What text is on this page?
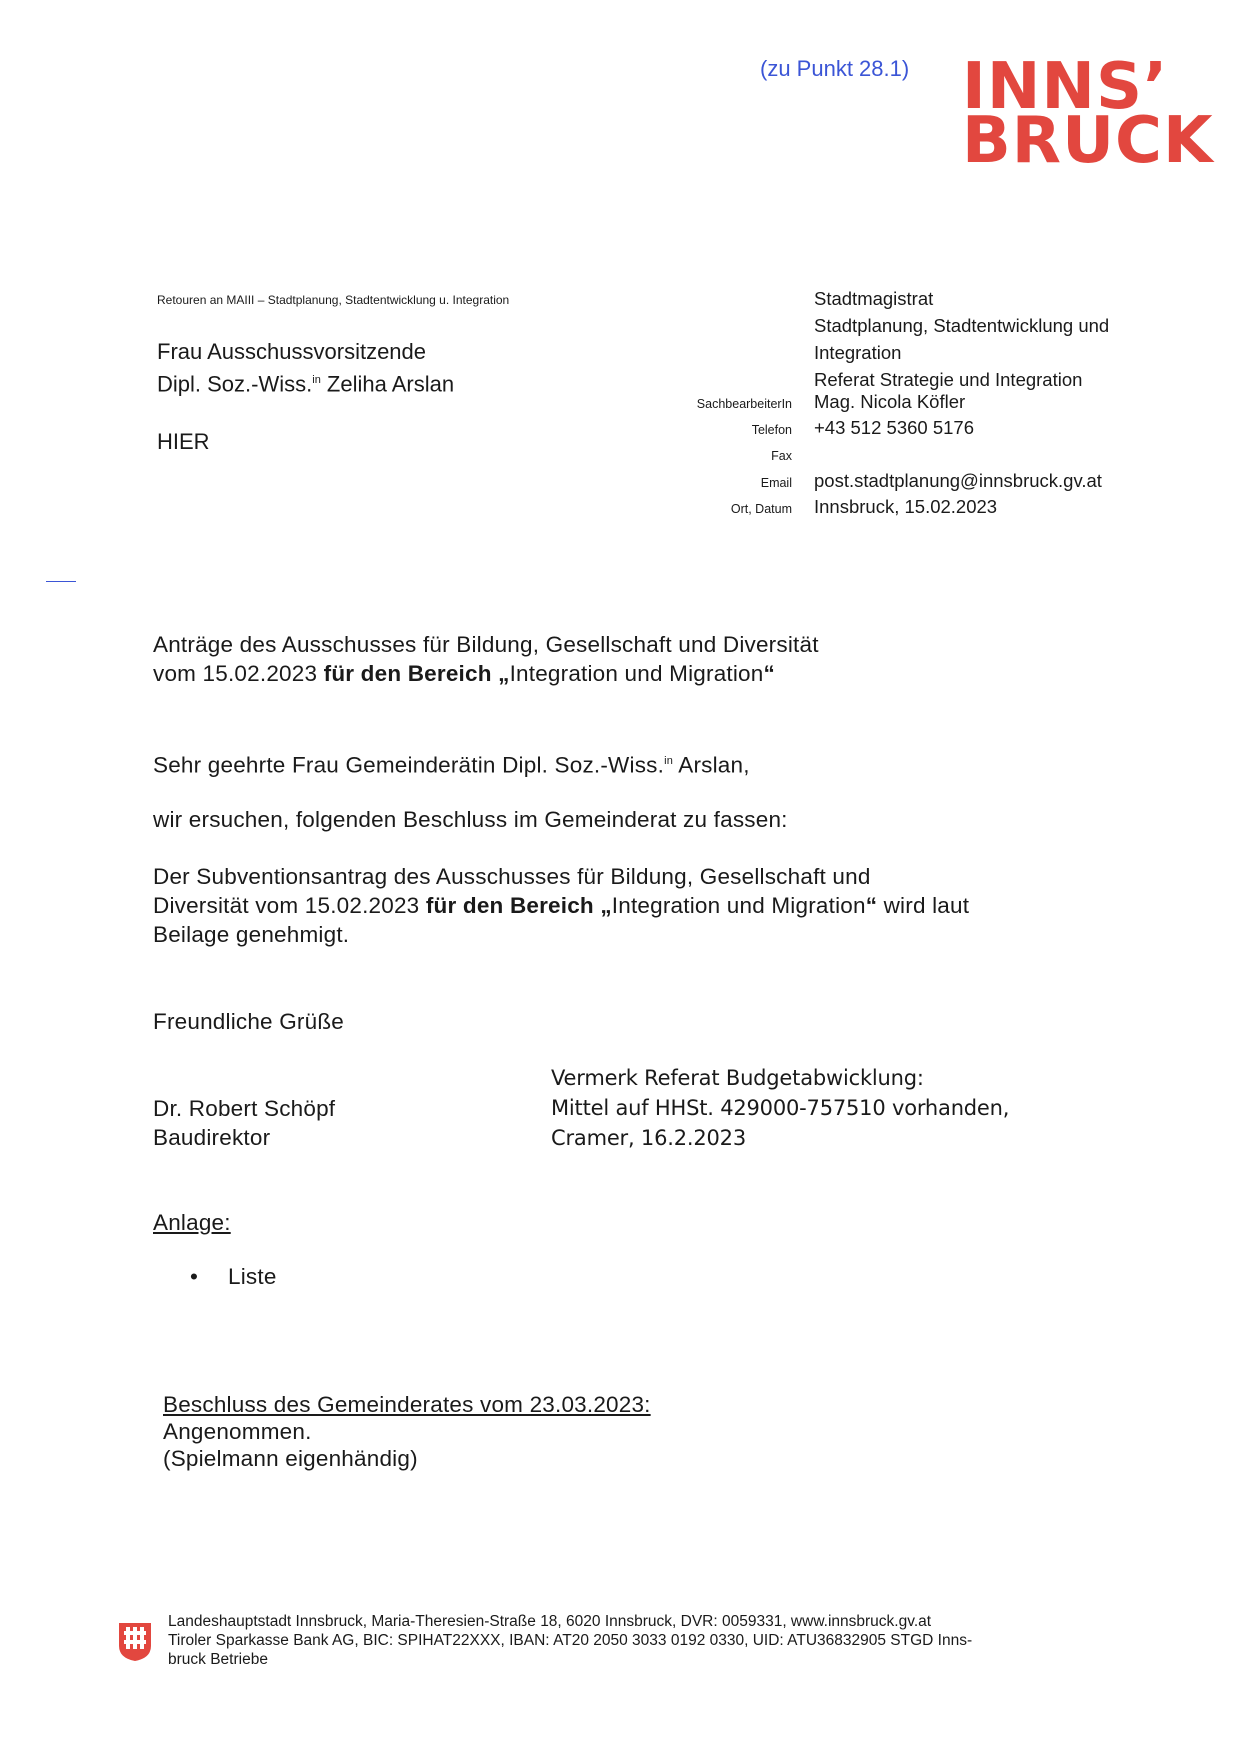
(zu Punkt 28.1) INNS’
BRUCK
Retouren an MAIII – Stadtplanung, Stadtentwicklung u. Integration
Frau Ausschussvorsitzende
Dipl. Soz.-Wiss.$^{in}$ Zeliha Arslan
HIER
Stadtmagistrat
Stadtplanung, Stadtentwicklung und
Integration
Referat Strategie und Integration
SachbearbeiterIn
Telefon
Fax
Email
Ort, Datum
Mag. Nicola Köfler
+43 512 5360 5176
post.stadtplanung@innsbruck.gv.at
Innsbruck, 15.02.2023
Anträge des Ausschusses für Bildung, Gesellschaft und Diversität
vom 15.02.2023 für den Bereich „Integration und Migration“
Sehr geehrte Frau Gemeinderätin Dipl. Soz.-Wiss.$^{in}$ Arslan,
wir ersuchen, folgenden Beschluss im Gemeinderat zu fassen:
Der Subventionsantrag des Ausschusses für Bildung, Gesellschaft und
Diversität vom 15.02.2023 für den Bereich „Integration und Migration“ wird laut
Beilage genehmigt.
Freundliche Grüße
Dr. Robert Schöpf
Baudirektor
Vermerk Referat Budgetabwicklung:
Mittel auf HHSt. 429000-757510 vorhanden,
Cramer, 16.2.2023
Anlage:
• Liste
Beschluss des Gemeinderates vom 23.03.2023:
Angenommen.
(Spielmann eigenhändig)
Landeshauptstadt Innsbruck, Maria-Theresien-Straße 18, 6020 Innsbruck, DVR: 0059331, www.innsbruck.gv.at
Tiroler Sparkasse Bank AG, BIC: SPIHAT22XXX, IBAN: AT20 2050 3033 0192 0330, UID: ATU36832905 STGD Inns-
bruck Betriebe
